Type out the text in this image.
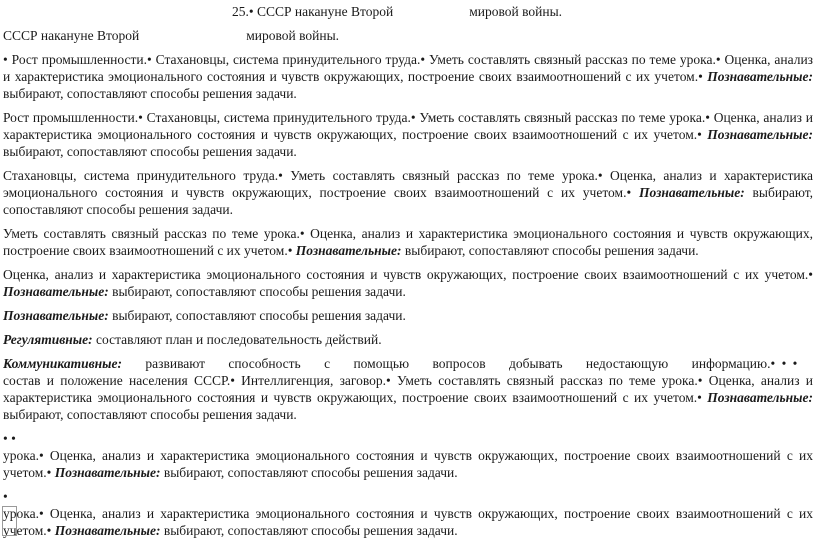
25.• СССР накануне Второй	мировой войны.
СССР накануне Второй	мировой войны.
• Рост промышленности.• Стахановцы, система принудительного труда.• Уметь составлять связный рассказ по теме урока.• Оценка, анализ и характеристика эмоционального состояния и чувств окружающих, построение своих взаимоотношений с их учетом.• Познавательные: выбирают, сопоставляют способы решения задачи.
Рост промышленности.• Стахановцы, система принудительного труда.• Уметь составлять связный рассказ по теме урока.• Оценка, анализ и характеристика эмоционального состояния и чувств окружающих, построение своих взаимоотношений с их учетом.• Познавательные: выбирают, сопоставляют способы решения задачи.
Стахановцы, система принудительного труда.• Уметь составлять связный рассказ по теме урока.• Оценка, анализ и характеристика эмоционального состояния и чувств окружающих, построение своих взаимоотношений с их учетом.• Познавательные: выбирают, сопоставляют способы решения задачи.
Уметь составлять связный рассказ по теме урока.• Оценка, анализ и характеристика эмоционального состояния и чувств окружающих, построение своих взаимоотношений с их учетом.• Познавательные: выбирают, сопоставляют способы решения задачи.
Оценка, анализ и характеристика эмоционального состояния и чувств окружающих, построение своих взаимоотношений с их учетом.• Познавательные: выбирают, сопоставляют способы решения задачи.
Познавательные: выбирают, сопоставляют способы решения задачи.
Регулятивные: составляют план и последовательность действий.
Коммуникативные: развивают способность с помощью вопросов добывать недостающую информацию.• • •
состав и положение населения СССР.• Интеллигенция, заговор.• Уметь составлять связный рассказ по теме урока.• Оценка, анализ и характеристика эмоционального состояния и чувств окружающих, построение своих взаимоотношений с их учетом.• Познавательные: выбирают, сопоставляют способы решения задачи.
• •
урока.• Оценка, анализ и характеристика эмоционального состояния и чувств окружающих, построение своих взаимоотношений с их учетом.• Познавательные: выбирают, сопоставляют способы решения задачи.
•
урока.• Оценка, анализ и характеристика эмоционального состояния и чувств окружающих, построение своих взаимоотношений с их учетом.• Познавательные: выбирают, сопоставляют способы решения задачи.
